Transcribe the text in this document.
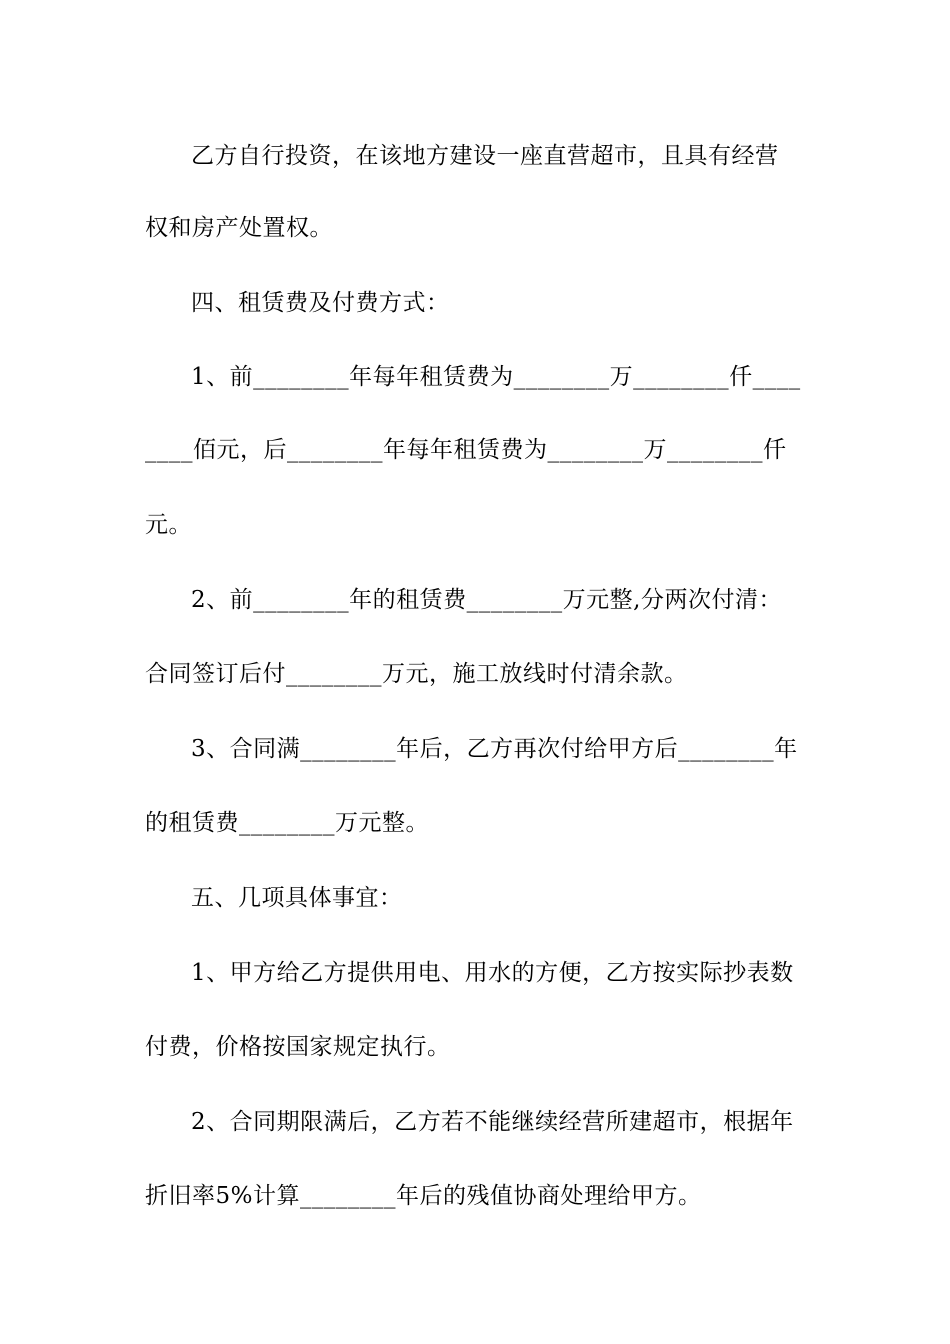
乙方自行投资，在该地方建设一座直营超市，且具有经营
权和房产处置权。
四、租赁费及付费方式：
1、前________年每年租赁费为________万________仟____
____佰元，后________年每年租赁费为________万________仟
元。
2、前________年的租赁费________万元整,分两次付清：
合同签订后付________万元，施工放线时付清余款。
3、合同满________年后，乙方再次付给甲方后________年
的租赁费________万元整。
五、几项具体事宜：
1、甲方给乙方提供用电、用水的方便，乙方按实际抄表数
付费，价格按国家规定执行。
2、合同期限满后，乙方若不能继续经营所建超市，根据年
折旧率5%计算________年后的残值协商处理给甲方。
